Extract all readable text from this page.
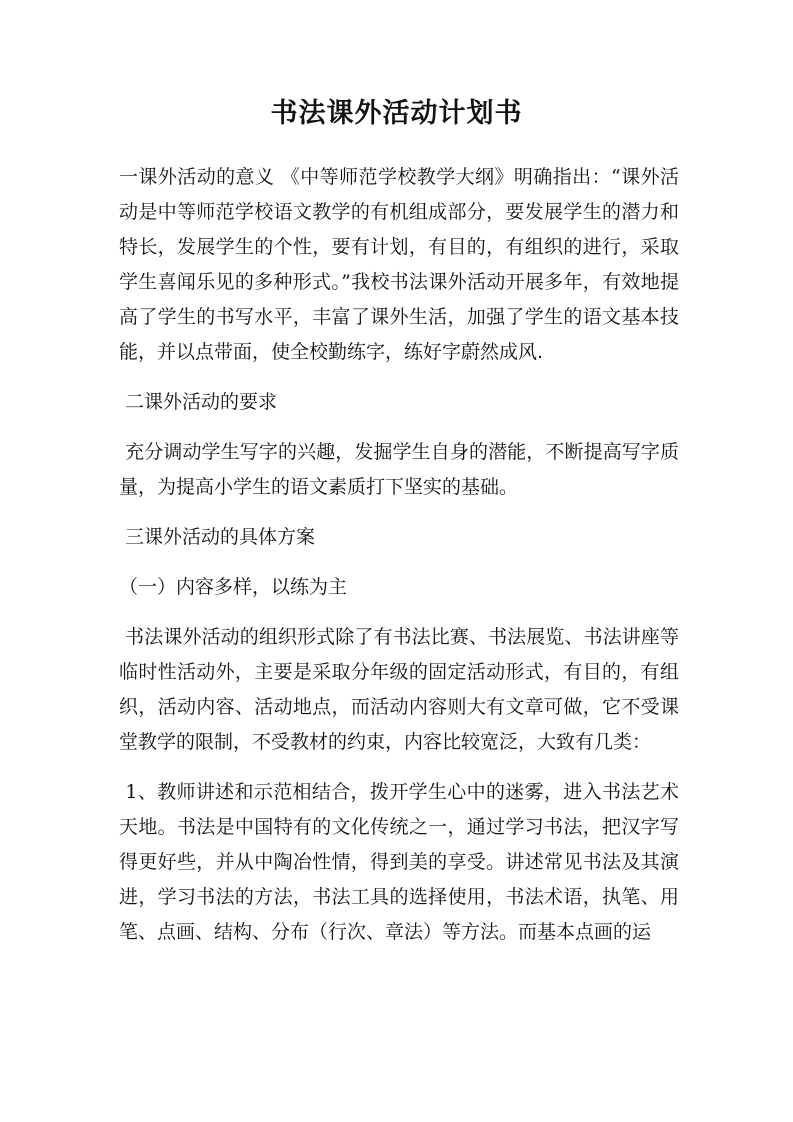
书法课外活动计划书

一课外活动的意义 《中等师范学校教学大纲》明确指出：“课外活动是中等师范学校语文教学的有机组成部分，要发展学生的潜力和特长，发展学生的个性，要有计划，有目的，有组织的进行，采取学生喜闻乐见的多种形式。”我校书法课外活动开展多年，有效地提高了学生的书写水平，丰富了课外生活，加强了学生的语文基本技能，并以点带面，使全校勤练字，练好字蔚然成风.

二课外活动的要求

充分调动学生写字的兴趣，发掘学生自身的潜能，不断提高写字质量，为提高小学生的语文素质打下坚实的基础。

三课外活动的具体方案

（一）内容多样，以练为主

书法课外活动的组织形式除了有书法比赛、书法展览、书法讲座等临时性活动外，主要是采取分年级的固定活动形式，有目的，有组织，活动内容、活动地点，而活动内容则大有文章可做，它不受课堂教学的限制，不受教材的约束，内容比较宽泛，大致有几类：

1、教师讲述和示范相结合，拨开学生心中的迷雾，进入书法艺术天地。书法是中国特有的文化传统之一，通过学习书法，把汉字写得更好些，并从中陶冶性情，得到美的享受。讲述常见书法及其演进，学习书法的方法，书法工具的选择使用，书法术语，执笔、用笔、点画、结构、分布（行次、章法）等方法。而基本点画的运
